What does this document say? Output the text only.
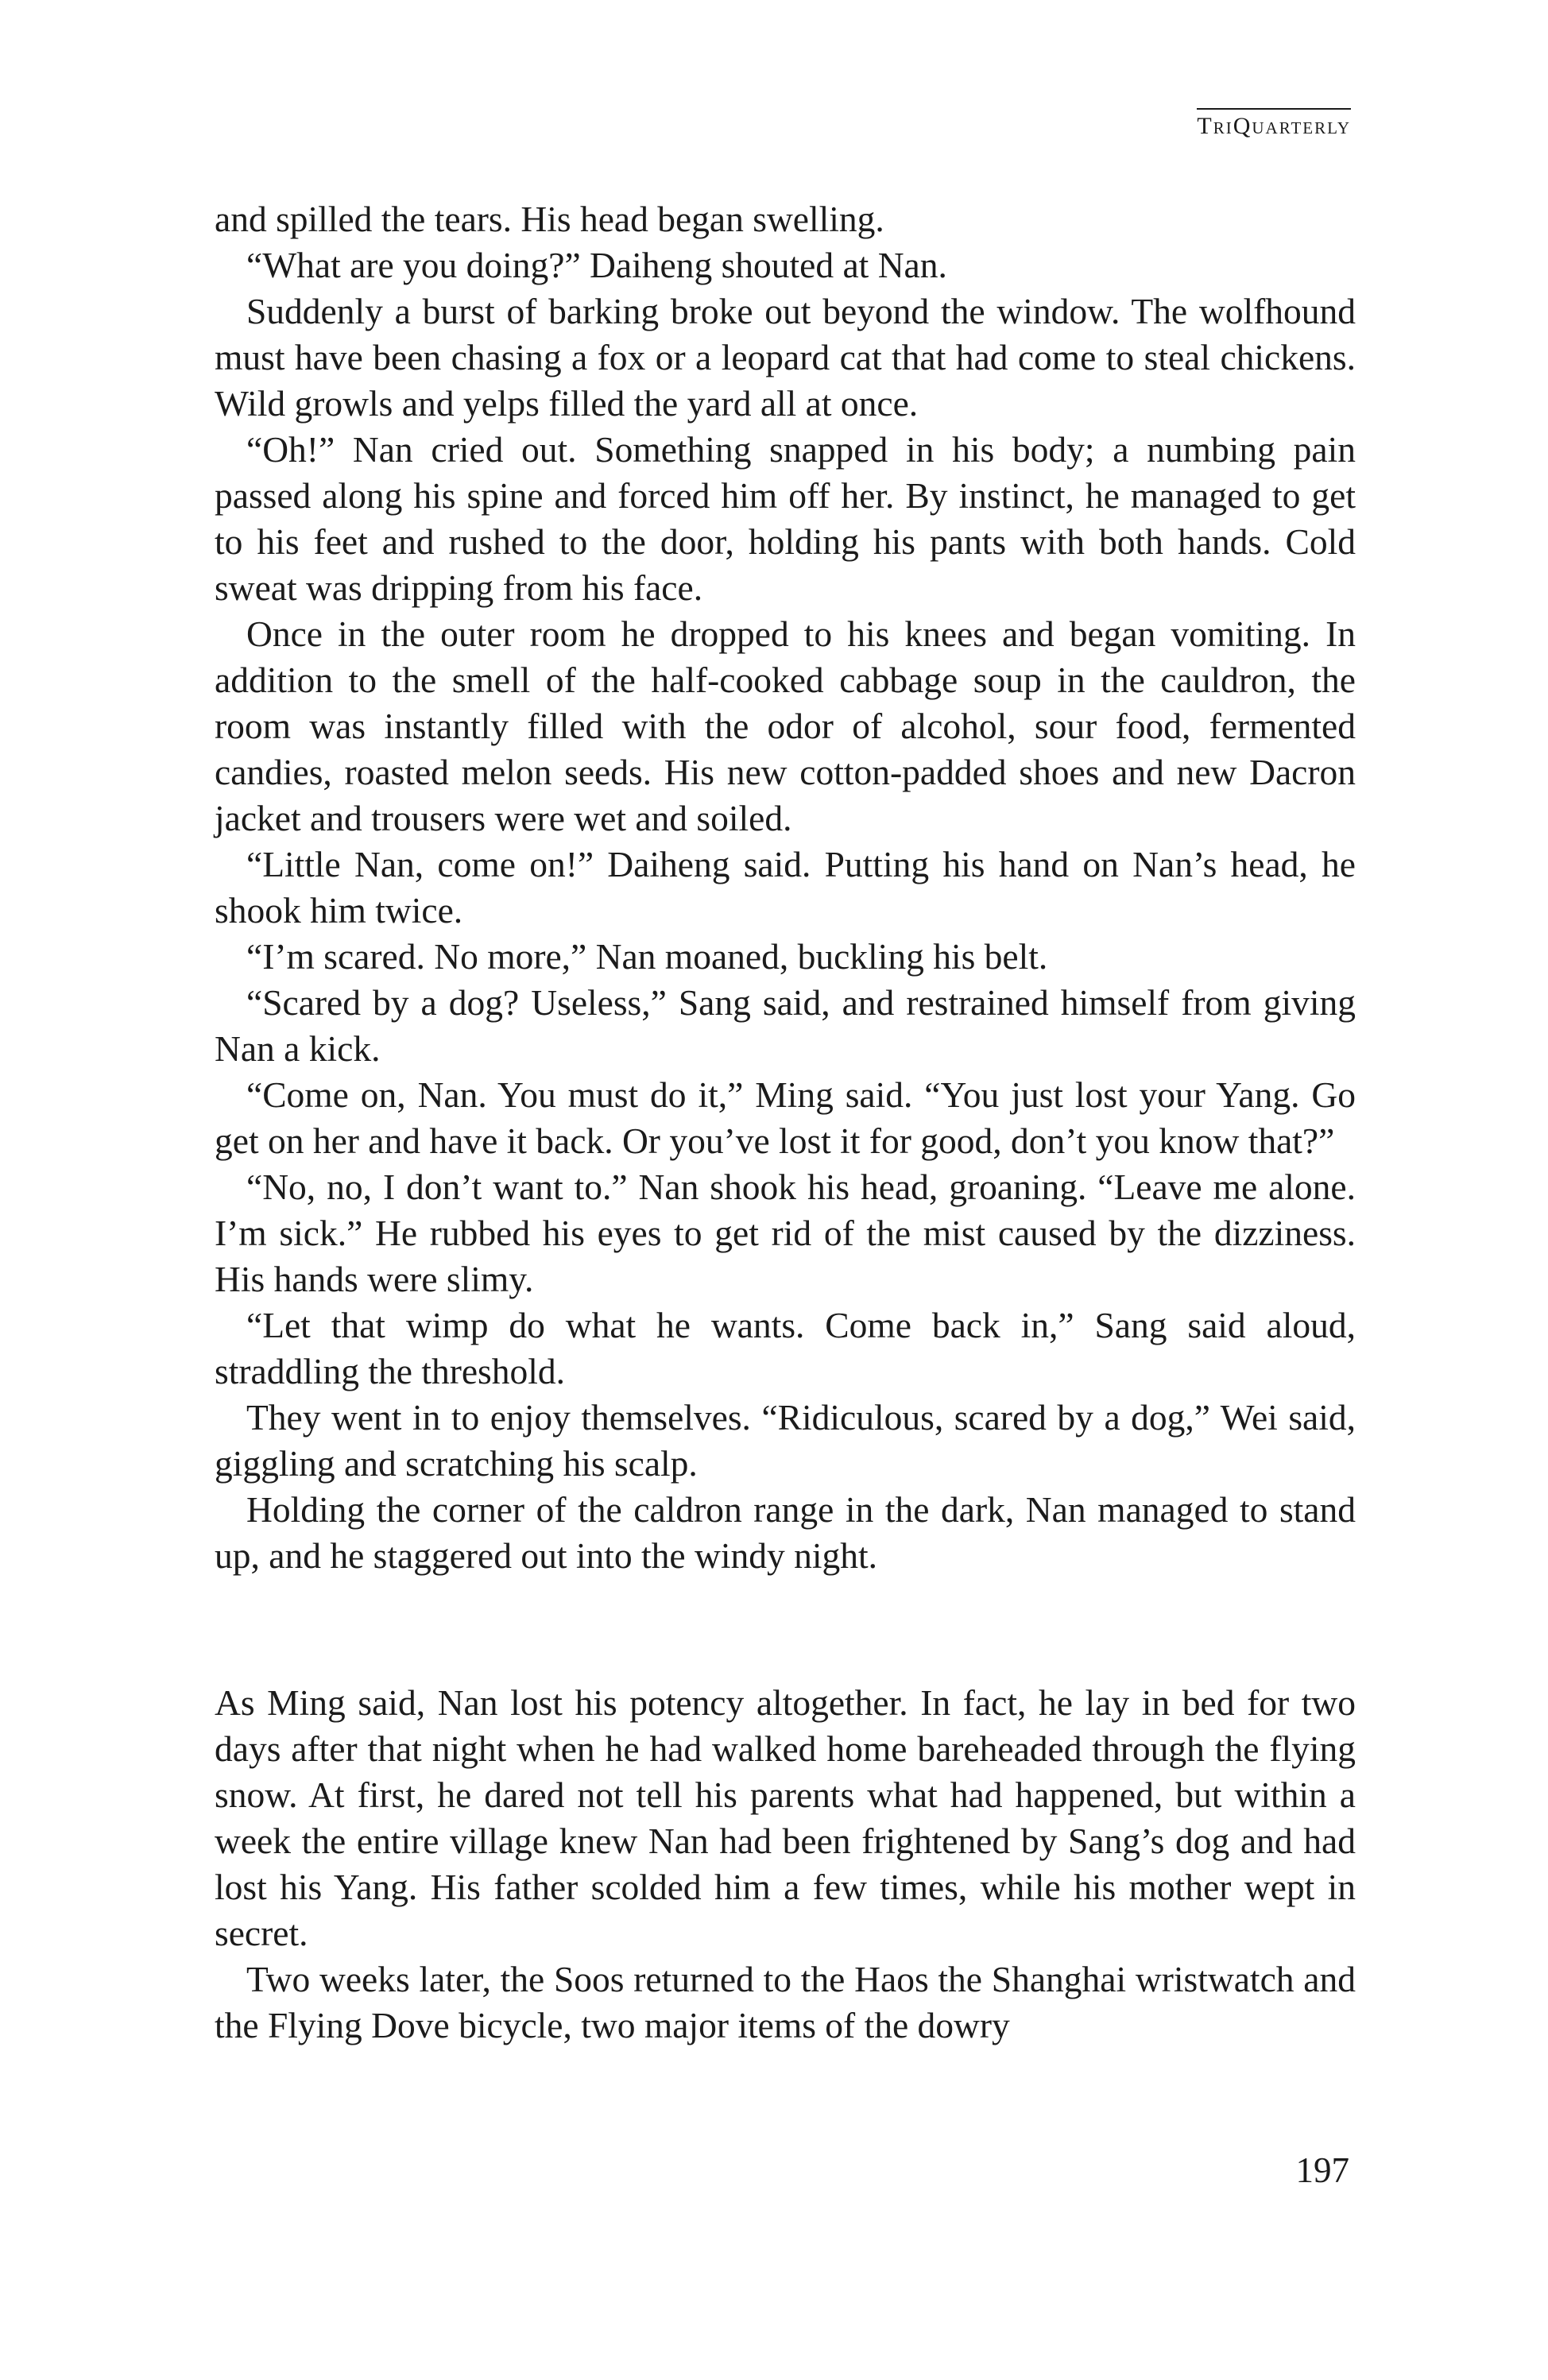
TriQuarterly

and spilled the tears. His head began swelling.

“What are you doing?” Daiheng shouted at Nan.

Suddenly a burst of barking broke out beyond the window. The wolfhound must have been chasing a fox or a leopard cat that had come to steal chickens. Wild growls and yelps filled the yard all at once.

“Oh!” Nan cried out. Something snapped in his body; a numbing pain passed along his spine and forced him off her. By instinct, he managed to get to his feet and rushed to the door, holding his pants with both hands. Cold sweat was dripping from his face.

Once in the outer room he dropped to his knees and began vomiting. In addition to the smell of the half-cooked cabbage soup in the cauldron, the room was instantly filled with the odor of alcohol, sour food, fermented candies, roasted melon seeds. His new cotton-padded shoes and new Dacron jacket and trousers were wet and soiled.

“Little Nan, come on!” Daiheng said. Putting his hand on Nan’s head, he shook him twice.

“I’m scared. No more,” Nan moaned, buckling his belt.

“Scared by a dog? Useless,” Sang said, and restrained himself from giving Nan a kick.

“Come on, Nan. You must do it,” Ming said. “You just lost your Yang. Go get on her and have it back. Or you’ve lost it for good, don’t you know that?”

“No, no, I don’t want to.” Nan shook his head, groaning. “Leave me alone. I’m sick.” He rubbed his eyes to get rid of the mist caused by the dizziness. His hands were slimy.

“Let that wimp do what he wants. Come back in,” Sang said aloud, straddling the threshold.

They went in to enjoy themselves. “Ridiculous, scared by a dog,” Wei said, giggling and scratching his scalp.

Holding the corner of the caldron range in the dark, Nan managed to stand up, and he staggered out into the windy night.

As Ming said, Nan lost his potency altogether. In fact, he lay in bed for two days after that night when he had walked home bareheaded through the flying snow. At first, he dared not tell his parents what had happened, but within a week the entire village knew Nan had been frightened by Sang’s dog and had lost his Yang. His father scolded him a few times, while his mother wept in secret.

Two weeks later, the Soos returned to the Haos the Shanghai wristwatch and the Flying Dove bicycle, two major items of the dowry

197
